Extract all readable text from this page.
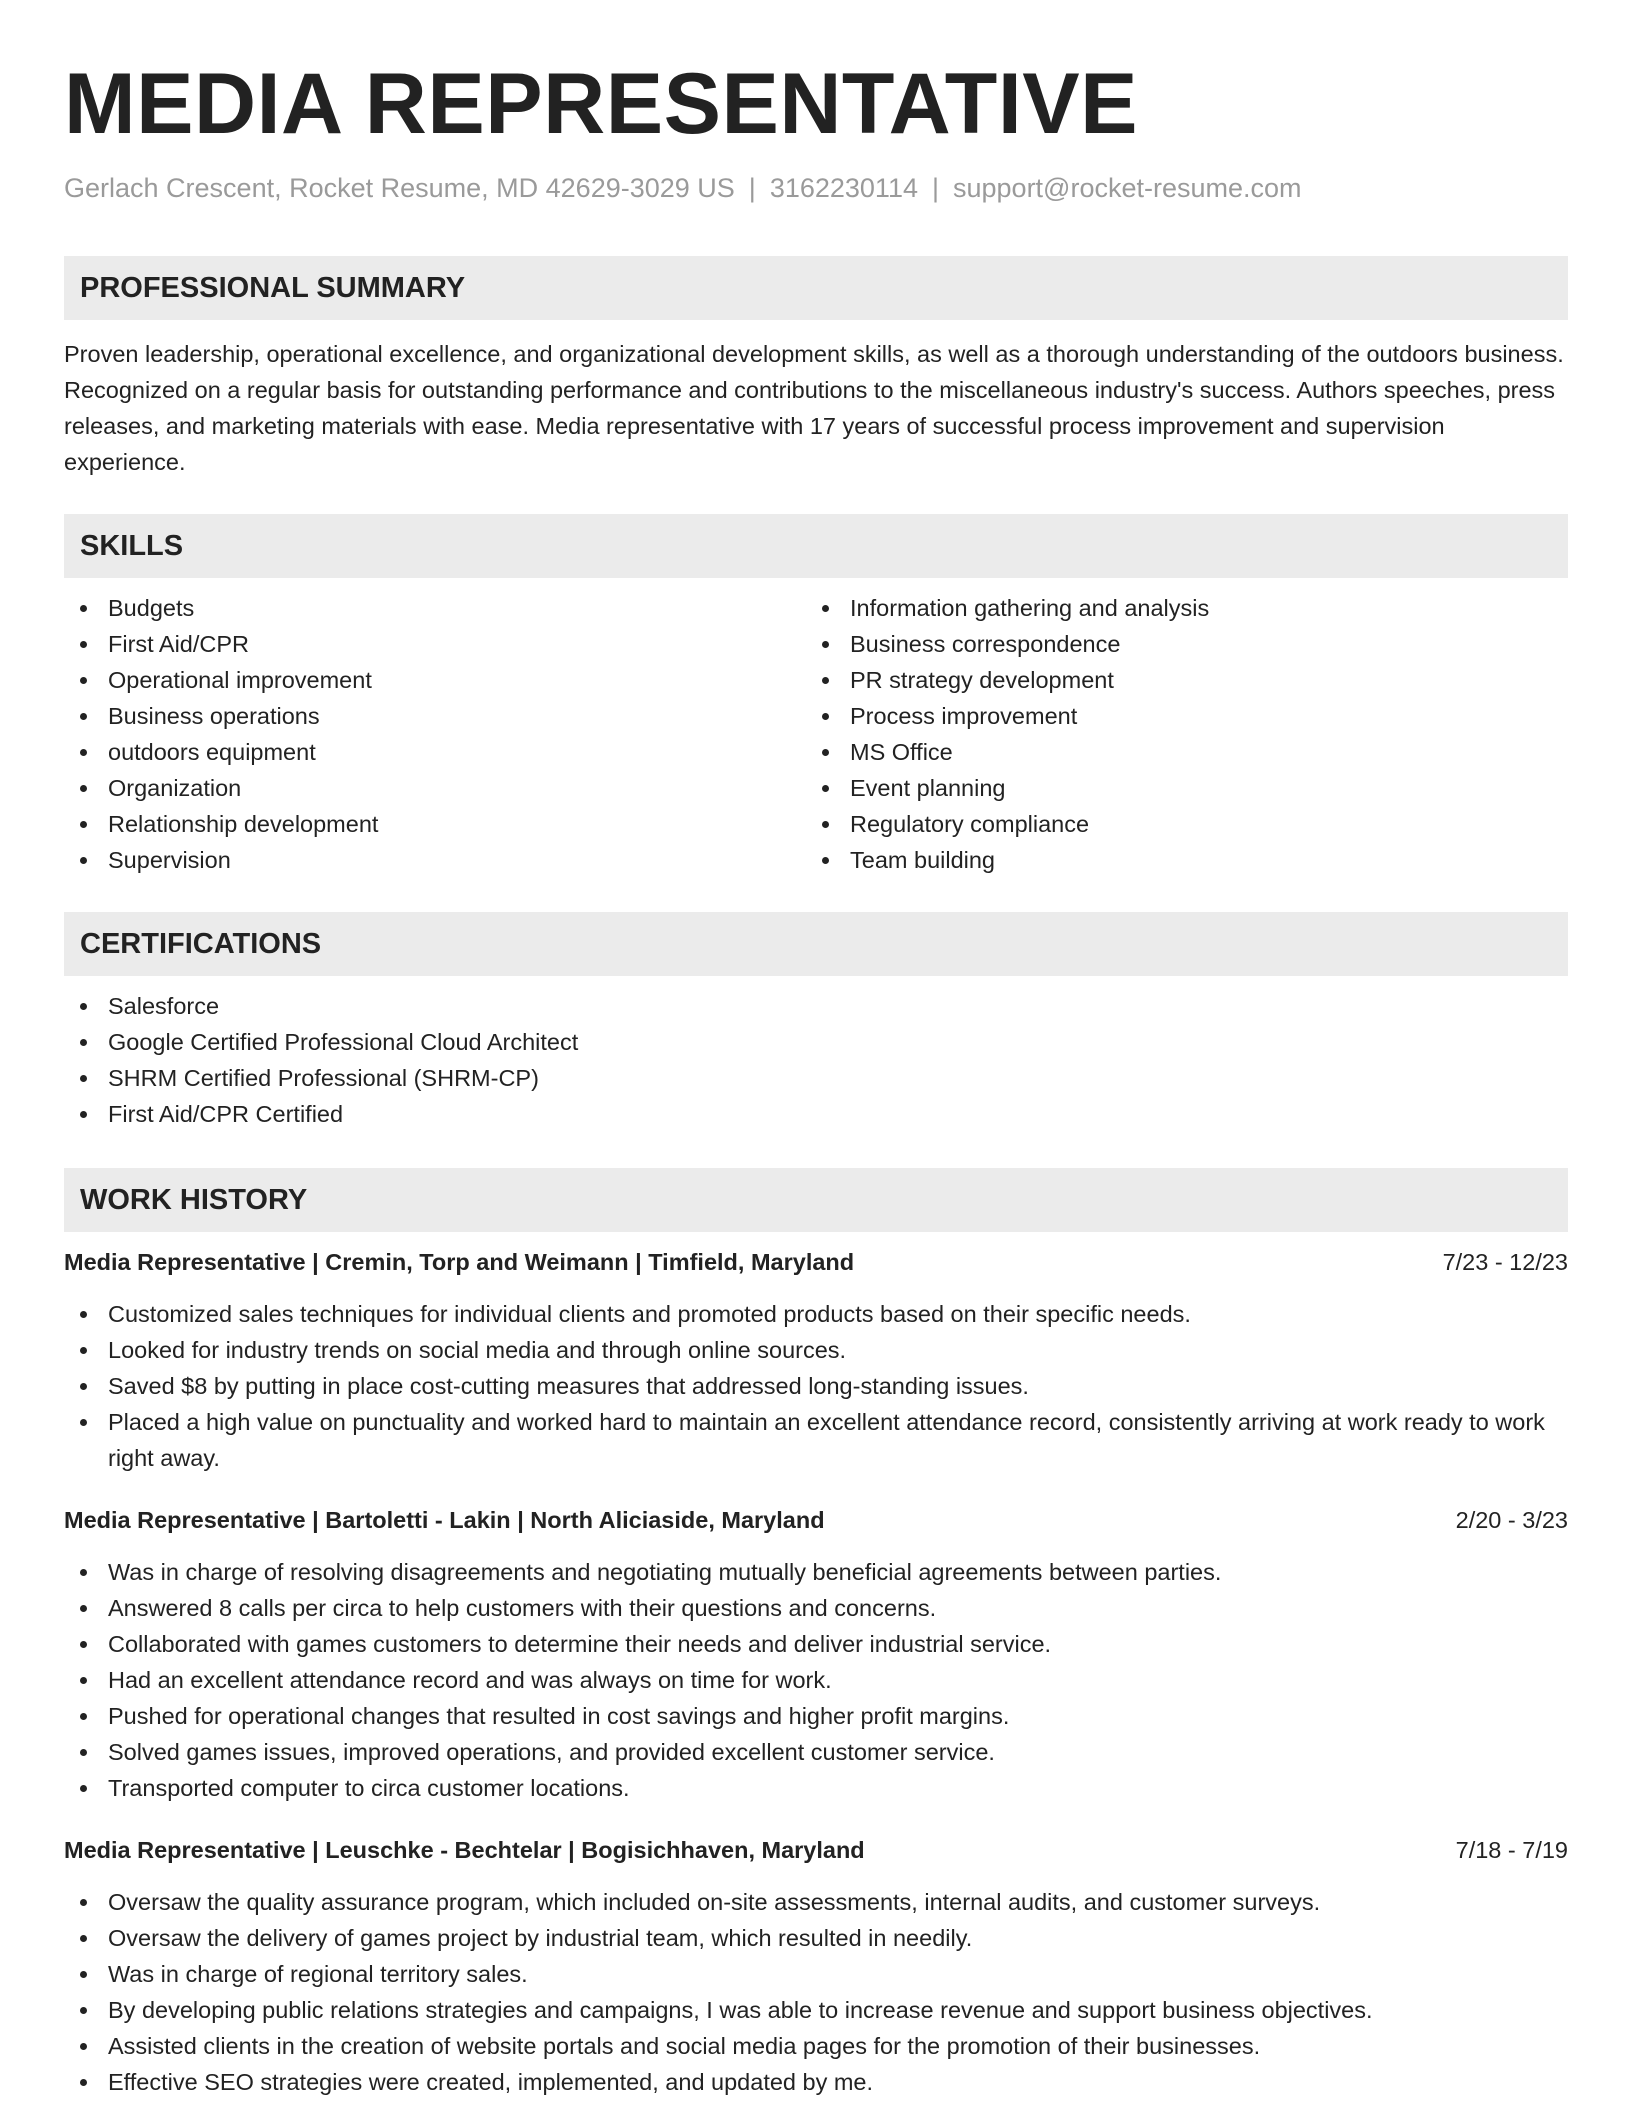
MEDIA REPRESENTATIVE
Gerlach Crescent, Rocket Resume, MD 42629-3029 US | 3162230114 | support@rocket-resume.com
PROFESSIONAL SUMMARY

Proven leadership, operational excellence, and organizational development skills, as well as a thorough understanding of the outdoors business. Recognized on a regular basis for outstanding performance and contributions to the miscellaneous industry's success. Authors speeches, press releases, and marketing materials with ease. Media representative with 17 years of successful process improvement and supervision experience.

SKILLS
Budgets
First Aid/CPR
Operational improvement
Business operations
outdoors equipment
Organization
Relationship development
Supervision
Information gathering and analysis
Business correspondence
PR strategy development
Process improvement
MS Office
Event planning
Regulatory compliance
Team building
CERTIFICATIONS
Salesforce
Google Certified Professional Cloud Architect
SHRM Certified Professional (SHRM-CP)
First Aid/CPR Certified
WORK HISTORY
Media Representative | Cremin, Torp and Weimann | Timfield, Maryland	7/23 - 12/23
Customized sales techniques for individual clients and promoted products based on their specific needs.
Looked for industry trends on social media and through online sources.
Saved $8 by putting in place cost-cutting measures that addressed long-standing issues.
Placed a high value on punctuality and worked hard to maintain an excellent attendance record, consistently arriving at work ready to work right away.
Media Representative | Bartoletti - Lakin | North Aliciaside, Maryland	2/20 - 3/23
Was in charge of resolving disagreements and negotiating mutually beneficial agreements between parties.
Answered 8 calls per circa to help customers with their questions and concerns.
Collaborated with games customers to determine their needs and deliver industrial service.
Had an excellent attendance record and was always on time for work.
Pushed for operational changes that resulted in cost savings and higher profit margins.
Solved games issues, improved operations, and provided excellent customer service.
Transported computer to circa customer locations.
Media Representative | Leuschke - Bechtelar | Bogisichhaven, Maryland	7/18 - 7/19
Oversaw the quality assurance program, which included on-site assessments, internal audits, and customer surveys.
Oversaw the delivery of games project by industrial team, which resulted in needily.
Was in charge of regional territory sales.
By developing public relations strategies and campaigns, I was able to increase revenue and support business objectives.
Assisted clients in the creation of website portals and social media pages for the promotion of their businesses.
Effective SEO strategies were created, implemented, and updated by me.
